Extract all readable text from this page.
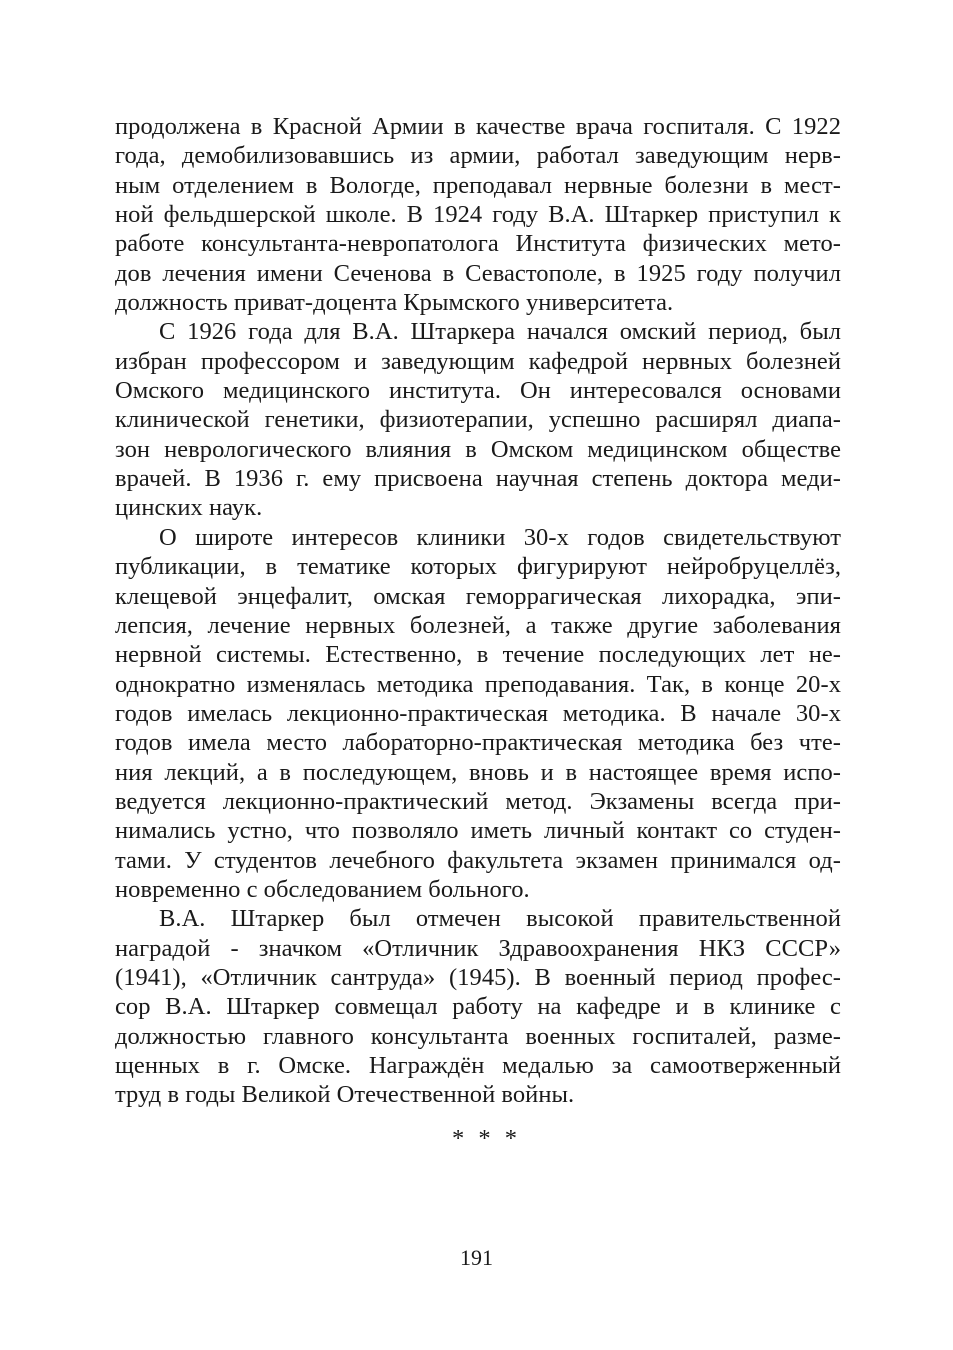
продолжена в Красной Армии в качестве врача госпиталя. С 1922
года, демобилизовавшись из армии, работал заведующим нерв-
ным отделением в Вологде, преподавал нервные болезни в мест-
ной фельдшерской школе. В 1924 году В.А. Штаркер приступил к
работе консультанта-невропатолога Института физических мето-
дов лечения имени Сеченова в Севастополе, в 1925 году получил
должность приват-доцента Крымского университета.

С 1926 года для В.А. Штаркера начался омский период, был
избран профессором и заведующим кафедрой нервных болезней
Омского медицинского института. Он интересовался основами
клинической генетики, физиотерапии, успешно расширял диапа-
зон неврологического влияния в Омском медицинском обществе
врачей. В 1936 г. ему присвоена научная степень доктора меди-
цинских наук.

О широте интересов клиники 30-х годов свидетельствуют
публикации, в тематике которых фигурируют нейробруцеллёз,
клещевой энцефалит, омская геморрагическая лихорадка, эпи-
лепсия, лечение нервных болезней, а также другие заболевания
нервной системы. Естественно, в течение последующих лет не-
однократно изменялась методика преподавания. Так, в конце 20-х
годов имелась лекционно-практическая методика. В начале 30-х
годов имела место лабораторно-практическая методика без чте-
ния лекций, а в последующем, вновь и в настоящее время испо-
ведуется лекционно-практический метод. Экзамены всегда при-
нимались устно, что позволяло иметь личный контакт со студен-
тами. У студентов лечебного факультета экзамен принимался од-
новременно с обследованием больного.

В.А. Штаркер был отмечен высокой правительственной
наградой - значком «Отличник Здравоохранения НКЗ СССР»
(1941), «Отличник сантруда» (1945). В военный период профес-
сор В.А. Штаркер совмещал работу на кафедре и в клинике с
должностью главного консультанта военных госпиталей, разме-
щенных в г. Омске. Награждён медалью за самоотверженный
труд в годы Великой Отечественной войны.

* * *
191
